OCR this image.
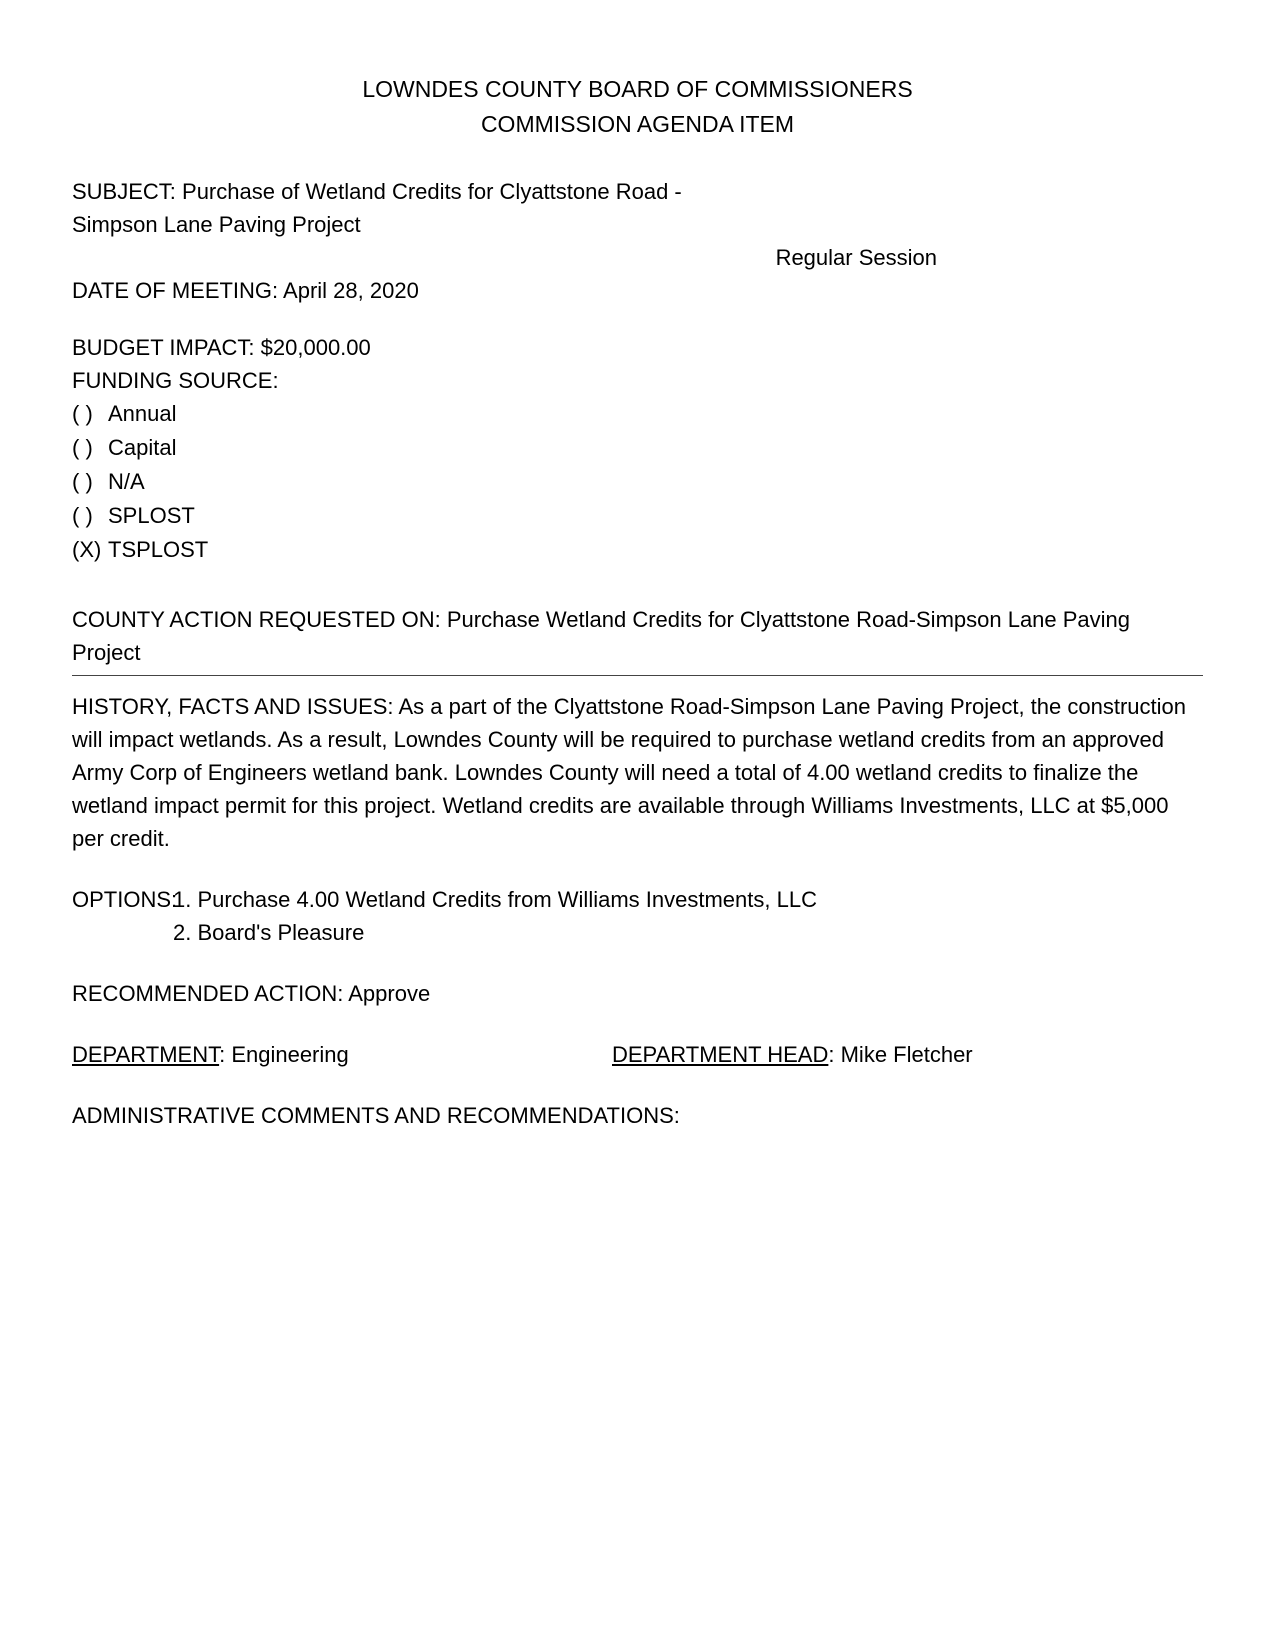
LOWNDES COUNTY BOARD OF COMMISSIONERS
COMMISSION AGENDA ITEM

SUBJECT: Purchase of Wetland Credits for Clyattstone Road - Simpson Lane Paving Project

Regular Session

DATE OF MEETING: April 28, 2020

BUDGET IMPACT: $20,000.00

FUNDING SOURCE:

( ) Annual
( ) Capital
( ) N/A
( ) SPLOST
(X) TSPLOST

COUNTY ACTION REQUESTED ON: Purchase Wetland Credits for Clyattstone Road-Simpson Lane Paving Project

HISTORY, FACTS AND ISSUES: As a part of the Clyattstone Road-Simpson Lane Paving Project, the construction will impact wetlands. As a result, Lowndes County will be required to purchase wetland credits from an approved Army Corp of Engineers wetland bank. Lowndes County will need a total of 4.00 wetland credits to finalize the wetland impact permit for this project. Wetland credits are available through Williams Investments, LLC at $5,000 per credit.

OPTIONS:
1. Purchase 4.00 Wetland Credits from Williams Investments, LLC
2. Board's Pleasure

RECOMMENDED ACTION: Approve

DEPARTMENT: Engineering	DEPARTMENT HEAD: Mike Fletcher

ADMINISTRATIVE COMMENTS AND RECOMMENDATIONS:
